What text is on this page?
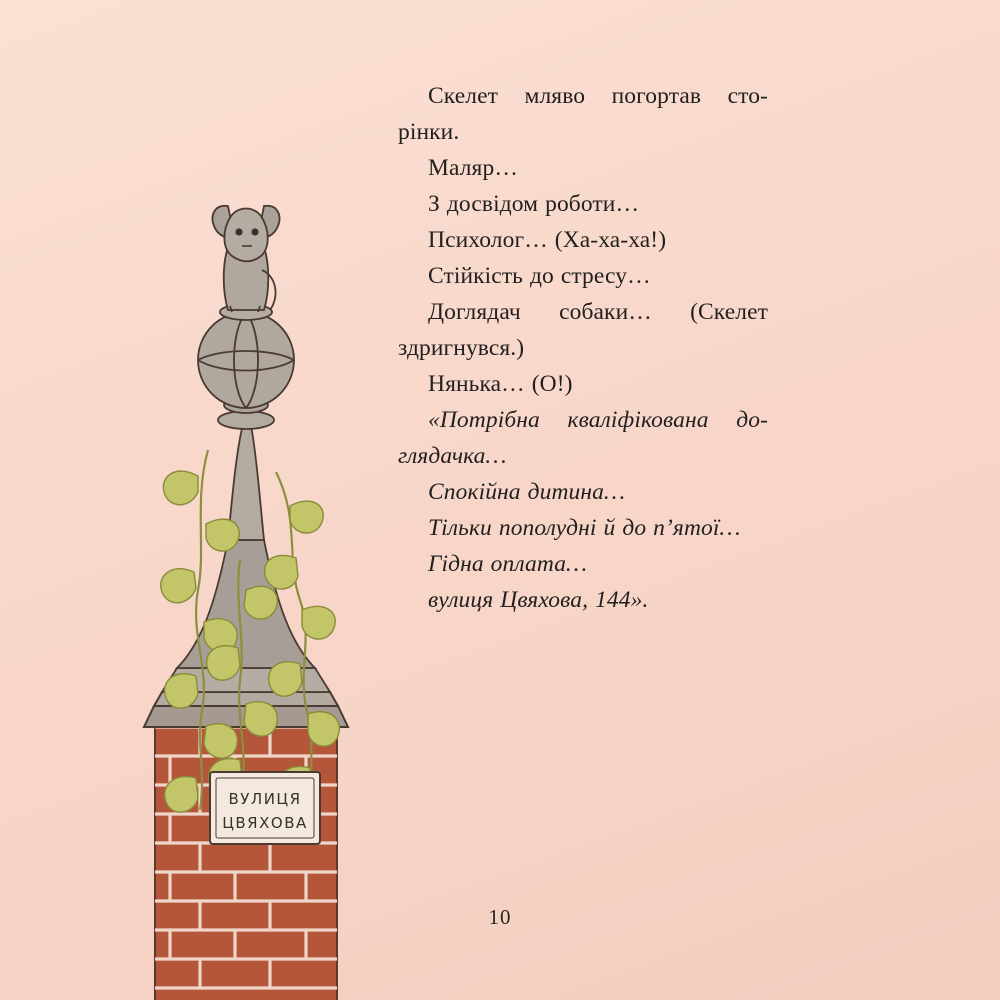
ВУЛИЦЯ
ЦВЯХОВА

Скелет мляво погортав сто-рінки.

Маляр…

З досвідом роботи…

Психолог… (Ха-ха-ха!)

Стійкість до стресу…

Доглядач собаки… (Скелет здригнувся.)

Нянька… (О!)

«Потрібна кваліфікована до-глядачка…

Спокійна дитина…

Тільки пополудні й до п’ятої…

Гідна оплата…

вулиця Цвяхова, 144».

10
